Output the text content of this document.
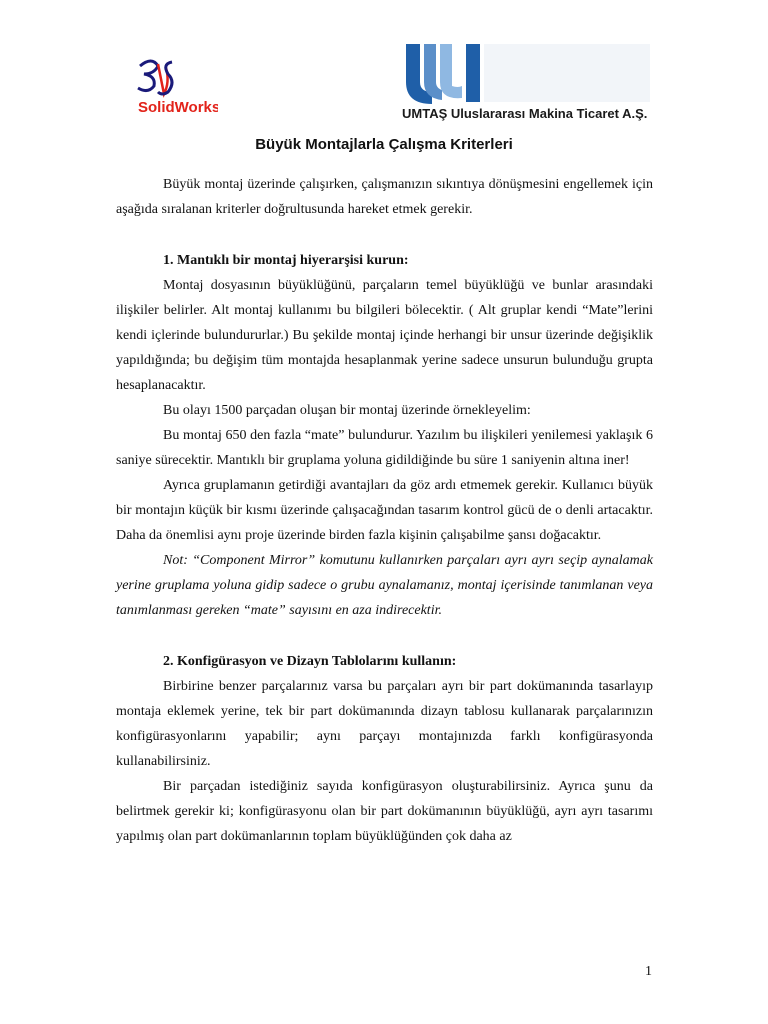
SolidWorks	UMTAŞ Uluslararası Makina Ticaret A.Ş.
Büyük Montajlarla Çalışma Kriterleri

Büyük montaj üzerinde çalışırken, çalışmanızın sıkıntıya dönüşmesini engellemek için aşağıda sıralanan kriterler doğrultusunda hareket etmek gerekir.

1. Mantıklı bir montaj hiyerarşisi kurun:

Montaj dosyasının büyüklüğünü, parçaların temel büyüklüğü ve bunlar arasındaki ilişkiler belirler. Alt montaj kullanımı bu bilgileri bölecektir. ( Alt gruplar kendi “Mate”lerini kendi içlerinde bulundururlar.) Bu şekilde montaj içinde herhangi bir unsur üzerinde değişiklik yapıldığında; bu değişim tüm montajda hesaplanmak yerine sadece unsurun bulunduğu grupta hesaplanacaktır.

Bu olayı 1500 parçadan oluşan bir montaj üzerinde örnekleyelim:

Bu montaj 650 den fazla “mate” bulundurur. Yazılım bu ilişkileri yenilemesi yaklaşık 6 saniye sürecektir. Mantıklı bir gruplama yoluna gidildiğinde bu süre 1 saniyenin altına iner!

Ayrıca gruplamanın getirdiği avantajları da göz ardı etmemek gerekir. Kullanıcı büyük bir montajın küçük bir kısmı üzerinde çalışacağından tasarım kontrol gücü de o denli artacaktır. Daha da önemlisi aynı proje üzerinde birden fazla kişinin çalışabilme şansı doğacaktır.

Not: “Component Mirror” komutunu kullanırken parçaları ayrı ayrı seçip aynalamak yerine gruplama yoluna gidip sadece o grubu aynalamanız, montaj içerisinde tanımlanan veya tanımlanması gereken “mate” sayısını en aza indirecektir.

2. Konfigürasyon ve Dizayn Tablolarını kullanın:

Birbirine benzer parçalarınız varsa bu parçaları ayrı bir part dokümanında tasarlayıp montaja eklemek yerine, tek bir part dokümanında dizayn tablosu kullanarak parçalarınızın konfigürasyonlarını yapabilir; aynı parçayı montajınızda farklı konfigürasyonda kullanabilirsiniz.

Bir parçadan istediğiniz sayıda konfigürasyon oluşturabilirsiniz. Ayrıca şunu da belirtmek gerekir ki; konfigürasyonu olan bir part dokümanının büyüklüğü, ayrı ayrı tasarımı yapılmış olan part dokümanlarının toplam büyüklüğünden çok daha az

1
